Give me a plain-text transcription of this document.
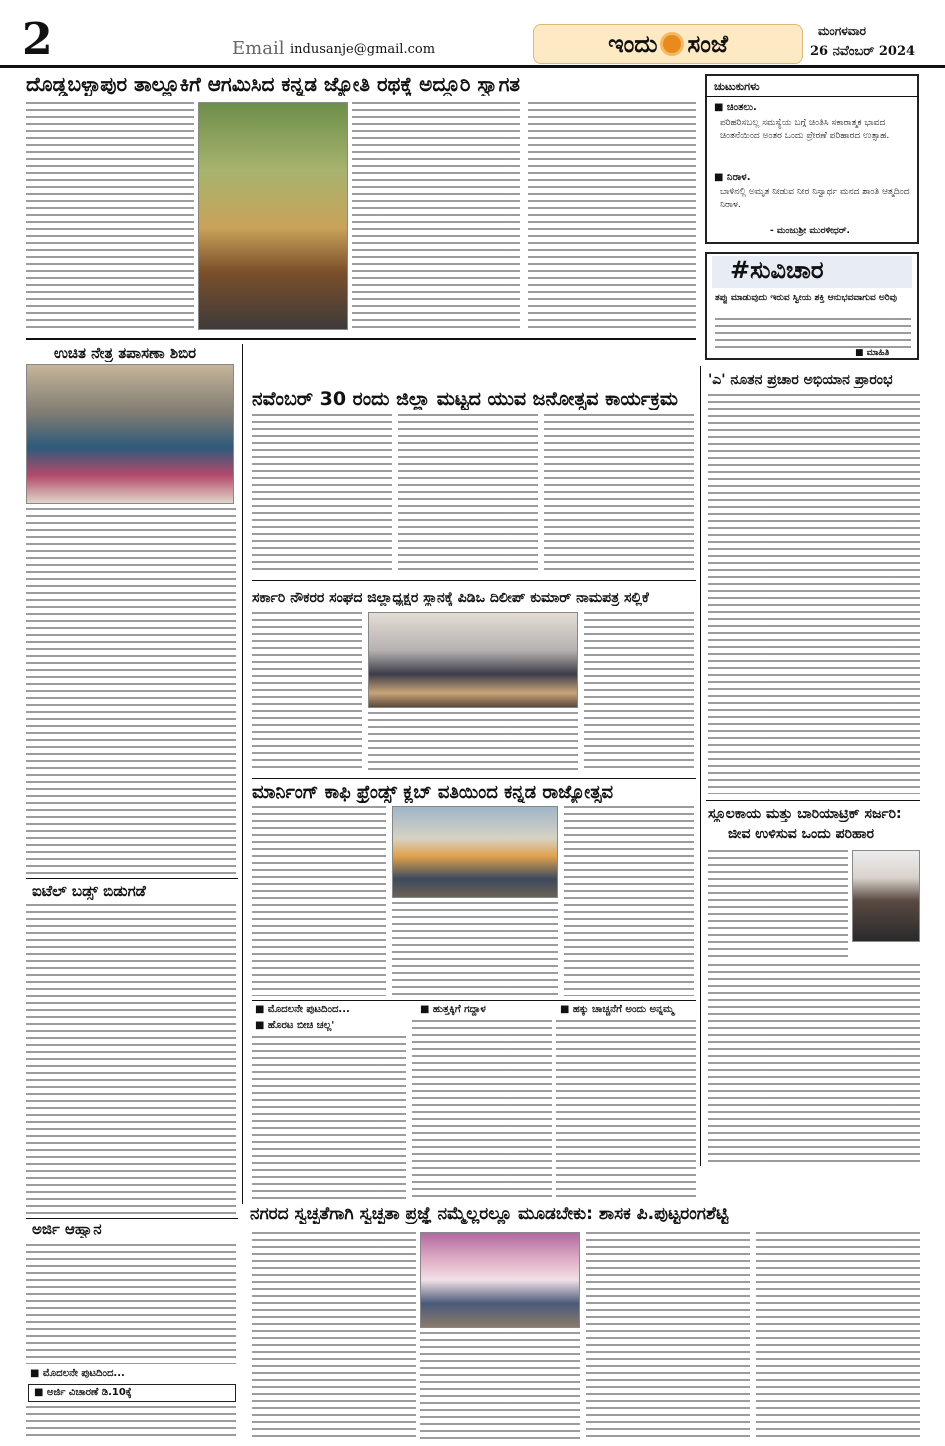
2	Email indusanje@gmail.com	ಇಂದು ಸಂಜೆ	ಮಂಗಳವಾರ
26 ನವೆಂಬರ್ 2024
ದೊಡ್ಡಬಳ್ಳಾಪುರ ತಾಲ್ಲೂಕಿಗೆ ಆಗಮಿಸಿದ ಕನ್ನಡ ಜ್ಯೋತಿ ರಥಕ್ಕೆ ಅದ್ದೂರಿ ಸ್ವಾಗತ	ಚುಟುಕುಗಳು
■ ಚಿಂತಲು.
ಪರಿಹರಿಸಬಲ್ಲ ಸಮಸ್ಯೆಯ ಬಗ್ಗೆ ಚಿಂತಿಸಿ ಸಕಾರಾತ್ಮಕ ಭಾವದ ಚಿಂತನೆಯಿಂದ ಅಂತರ ಒಂದು ಪ್ರೇರಣೆ ಪರಿಹಾರದ ಉತ್ಸಾಹ.
■ ನಿರಾಳ.
ಬಾಳಿನಲ್ಲಿ ಅಮೃತ ನೀಡುವ ನೀರ ನಿಸ್ವಾರ್ಥ ಮನದ ಶಾಂತಿ ಆತ್ಮದಿಂದ ನಿರಾಳ.
- ಮಂಜುಶ್ರೀ ಮುರಳೀಧರ್.
#ಸುವಿಚಾರ
ತಪ್ಪು ಮಾಡುವುದು ಇರುವ ಸ್ವೀಯ ಶಕ್ತಿ ಆನುಭವವಾಗುವ ಅರಿವು
■ ಮಾಹಿತಿ
ಉಚಿತ ನೇತ್ರ ತಪಾಸಣಾ ಶಿಬಿರ
ನವೆಂಬರ್ 30 ರಂದು ಜಿಲ್ಲಾ ಮಟ್ಟದ ಯುವ ಜನೋತ್ಸವ ಕಾರ್ಯಕ್ರಮ
ಸರ್ಕಾರಿ ನೌಕರರ ಸಂಘದ ಜಿಲ್ಲಾಧ್ಯಕ್ಷರ ಸ್ಥಾನಕ್ಕೆ ಪಿಡಿಒ ದಿಲೀಪ್ ಕುಮಾರ್ ನಾಮಪತ್ರ ಸಲ್ಲಿಕೆ
ಮಾರ್ನಿಂಗ್ ಕಾಫಿ ಫ್ರೆಂಡ್ಸ್ ಕ್ಲಬ್ ವತಿಯಿಂದ ಕನ್ನಡ ರಾಜ್ಯೋತ್ಸವ
ಐಟೆಲ್ ಬಡ್ಸ್ ಬಿಡುಗಡೆ
ಅರ್ಜಿ ಆಹ್ವಾನ
■ ಮೊದಲನೇ ಪುಟದಿಂದ...
■ ಅರ್ಜಿ ವಿಚಾರಣೆ ಡಿ.10ಕ್ಕೆ
'ಎ' ನೂತನ ಪ್ರಚಾರ ಅಭಿಯಾನ ಪ್ರಾರಂಭ
ಸ್ಥೂಲಕಾಯ ಮತ್ತು ಬಾರಿಯಾಟ್ರಿಕ್ ಸರ್ಜರಿ:
ಜೀವ ಉಳಿಸುವ ಒಂದು ಪರಿಹಾರ
■ ಮೊದಲನೇ ಪುಟದಿಂದ...
■ ಹೊರಟ ಬೀಚಿ ಚಲ್ಲ'
■ ಹುತ್ತಕ್ಕಿಗೆ ಗದ್ದಾಳ	■ ಹಕ್ಕು ಚಾಚ್ಚನೆಗೆ ಅಂದು ಅನ್ನಮ್ಮ
ನಗರದ ಸ್ವಚ್ಛತೆಗಾಗಿ ಸ್ವಚ್ಛತಾ ಪ್ರಜ್ಞೆ ನಮ್ಮೆಲ್ಲರಲ್ಲೂ ಮೂಡಬೇಕು: ಶಾಸಕ ಪಿ.ಪುಟ್ಟರಂಗಶೆಟ್ಟಿ
